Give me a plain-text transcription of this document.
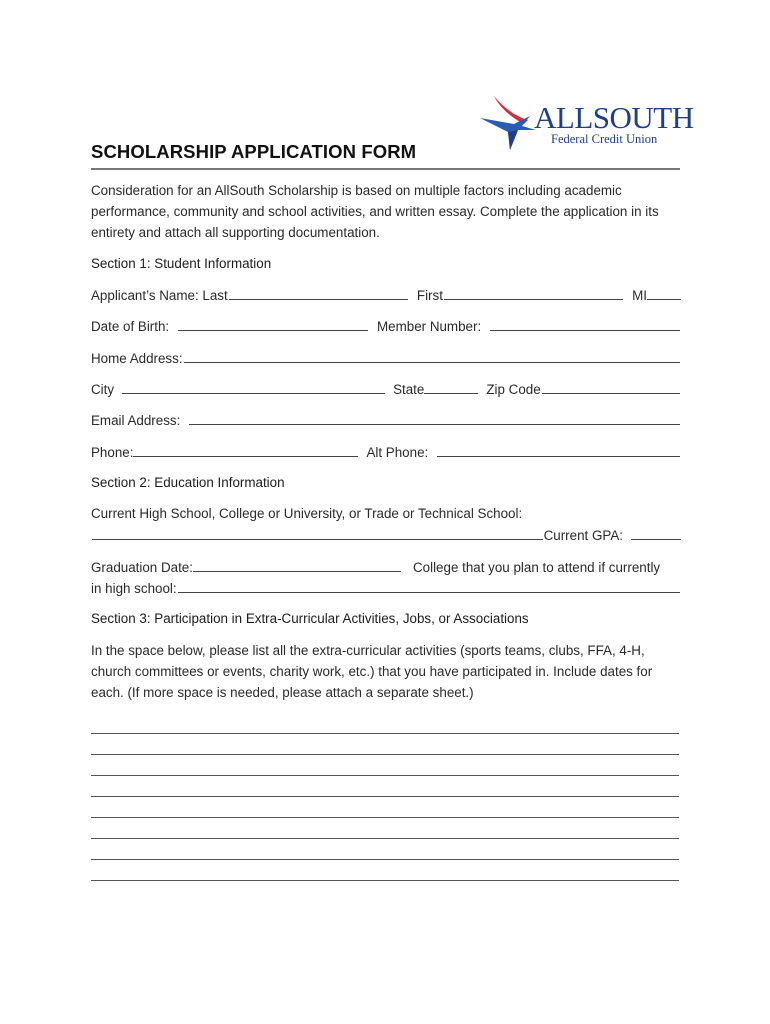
ALLSOUTH
Federal Credit Union
SCHOLARSHIP APPLICATION FORM
Consideration for an AllSouth Scholarship is based on multiple factors including academic performance, community and school activities, and written essay. Complete the application in its entirety and attach all supporting documentation.
Section 1: Student Information
Applicant’s Name: Last	First	MI
Date of Birth:	Member Number:
Home Address:
City	State	Zip Code
Email Address:
Phone:	Alt Phone:
Section 2: Education Information
Current High School, College or University, or Trade or Technical School:
Current GPA:
Graduation Date:	College that you plan to attend if currently
in high school:
Section 3: Participation in Extra-Curricular Activities, Jobs, or Associations
In the space below, please list all the extra-curricular activities (sports teams, clubs, FFA, 4-H, church committees or events, charity work, etc.) that you have participated in. Include dates for each. (If more space is needed, please attach a separate sheet.)
